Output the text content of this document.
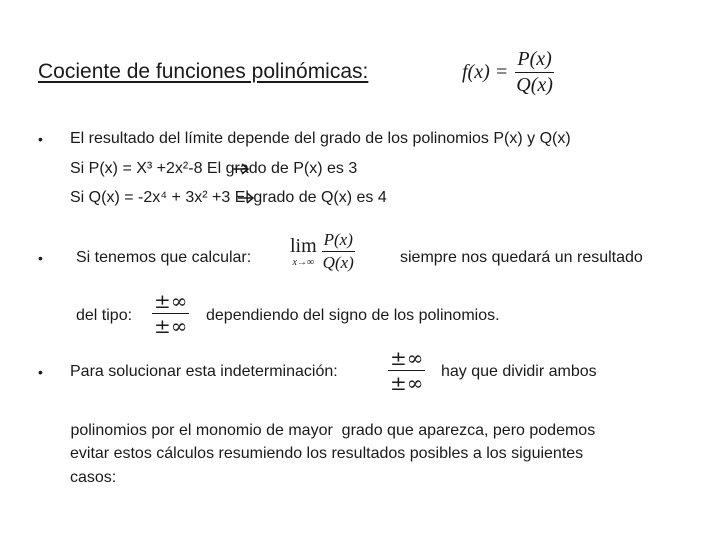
Cociente de funciones polinómicas:	$f(x) = \frac{P(x)}{Q(x)}$
• El resultado del límite depende del grado de los polinomios P(x) y Q(x)
Si P(x) = X³ +2x²-8 El grado de P(x) es 3
Si Q(x) = -2x⁴ + 3x² +3 El grado de Q(x) es 4
• Si tenemos que calcular:
lim
$x\to\infty \frac{P(x)}{Q(x)}$	siempre nos quedará un resultado
del tipo: $\frac{\pm\infty}{\pm\infty}$ dependiendo del signo de los polinomios.
• Para solucionar esta indeterminación:	$\frac{\pm\infty}{\pm\infty}$ hay que dividir ambos
polinomios por el monomio de mayor  grado que aparezca, pero podemos
evitar estos cálculos resumiendo los resultados posibles a los siguientes
casos:
